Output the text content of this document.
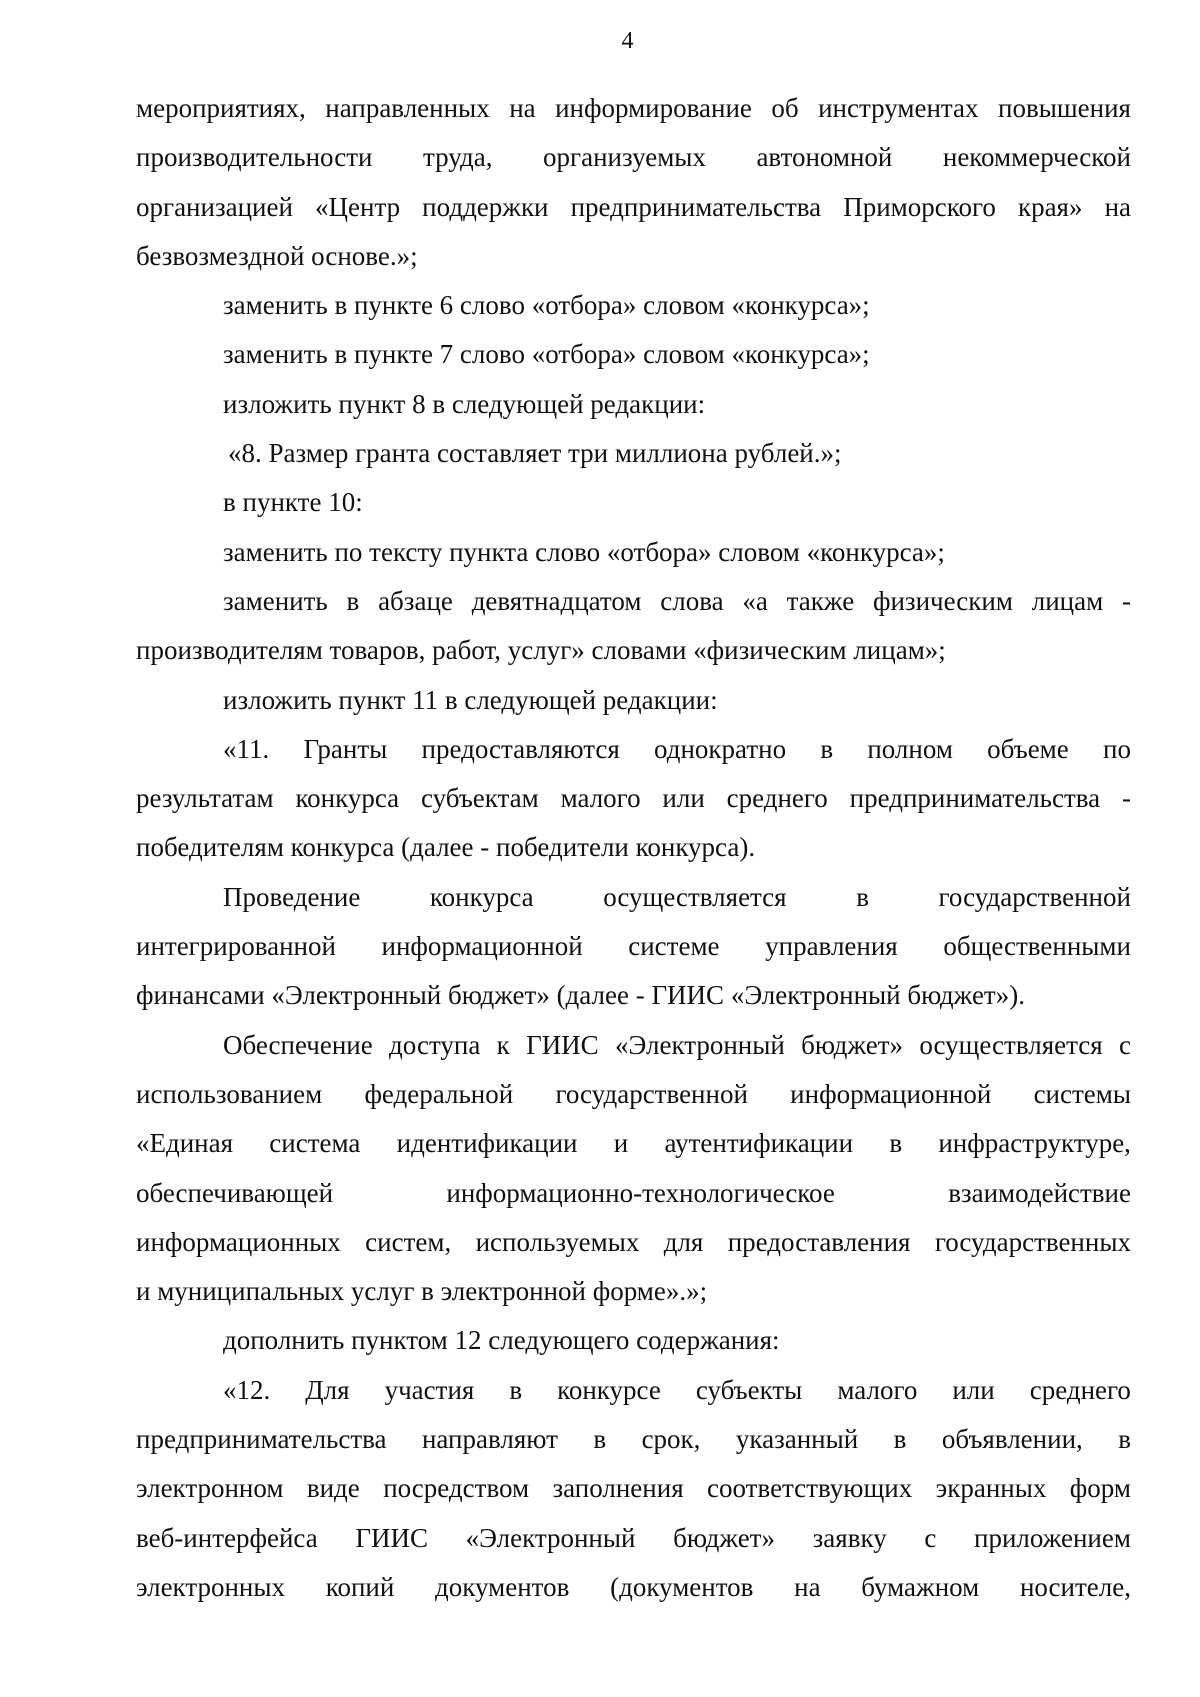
4
мероприятиях, направленных на информирование об инструментах повышения
производительности труда, организуемых автономной некоммерческой
организацией «Центр поддержки предпринимательства Приморского края» на
безвозмездной основе.»;
заменить в пункте 6 слово «отбора» словом «конкурса»;
заменить в пункте 7 слово «отбора» словом «конкурса»;
изложить пункт 8 в следующей редакции:
«8. Размер гранта составляет три миллиона рублей.»;
в пункте 10:
заменить по тексту пункта слово «отбора» словом «конкурса»;
заменить в абзаце девятнадцатом слова «а также физическим лицам -
производителям товаров, работ, услуг» словами «физическим лицам»;
изложить пункт 11 в следующей редакции:
«11. Гранты предоставляются однократно в полном объеме по
результатам конкурса субъектам малого или среднего предпринимательства -
победителям конкурса (далее - победители конкурса).
Проведение	конкурса	осуществляется	в	государственной
интегрированной информационной системе управления общественными
финансами «Электронный бюджет» (далее - ГИИС «Электронный бюджет»).
Обеспечение доступа к ГИИС «Электронный бюджет» осуществляется с
использованием федеральной государственной информационной системы
«Единая система идентификации и аутентификации в инфраструктуре,
обеспечивающей	информационно-технологическое	взаимодействие
информационных систем, используемых для предоставления государственных
и муниципальных услуг в электронной форме».»;
дополнить пунктом 12 следующего содержания:
«12. Для участия в конкурсе субъекты малого или среднего
предпринимательства направляют в срок, указанный в объявлении, в
электронном виде посредством заполнения соответствующих экранных форм
веб-интерфейса ГИИС «Электронный бюджет» заявку с приложением
электронных копий документов (документов на бумажном носителе,
